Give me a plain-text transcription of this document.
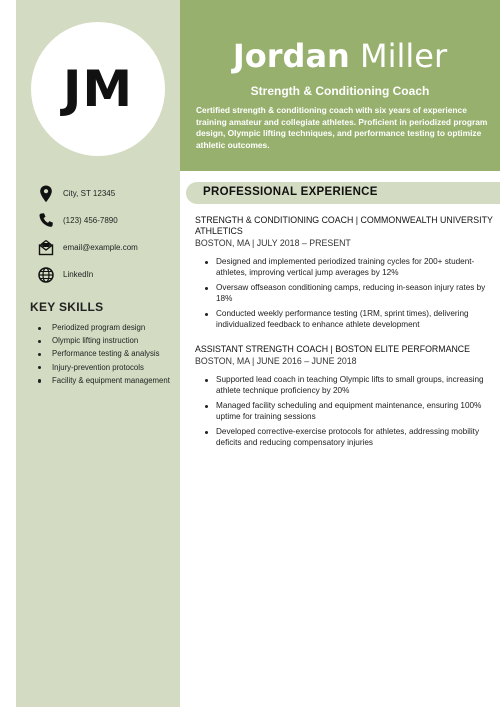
JM
Jordan Miller
Strength & Conditioning Coach
Certified strength & conditioning coach with six years of experience training amateur and collegiate athletes. Proficient in periodized program design, Olympic lifting techniques, and performance testing to optimize athletic outcomes.
City, ST 12345
(123) 456-7890
email@example.com
LinkedIn
KEY SKILLS
Periodized program design
Olympic lifting instruction
Performance testing & analysis
Injury-prevention protocols
Facility & equipment management
PROFESSIONAL EXPERIENCE
STRENGTH & CONDITIONING COACH | COMMONWEALTH UNIVERSITY ATHLETICS
BOSTON, MA | JULY 2018 – PRESENT
Designed and implemented periodized training cycles for 200+ student-athletes, improving vertical jump averages by 12%
Oversaw offseason conditioning camps, reducing in-season injury rates by 18%
Conducted weekly performance testing (1RM, sprint times), delivering individualized feedback to enhance athlete development
ASSISTANT STRENGTH COACH | BOSTON ELITE PERFORMANCE
BOSTON, MA | JUNE 2016 – JUNE 2018
Supported lead coach in teaching Olympic lifts to small groups, increasing athlete technique proficiency by 20%
Managed facility scheduling and equipment maintenance, ensuring 100% uptime for training sessions
Developed corrective-exercise protocols for athletes, addressing mobility deficits and reducing compensatory injuries
